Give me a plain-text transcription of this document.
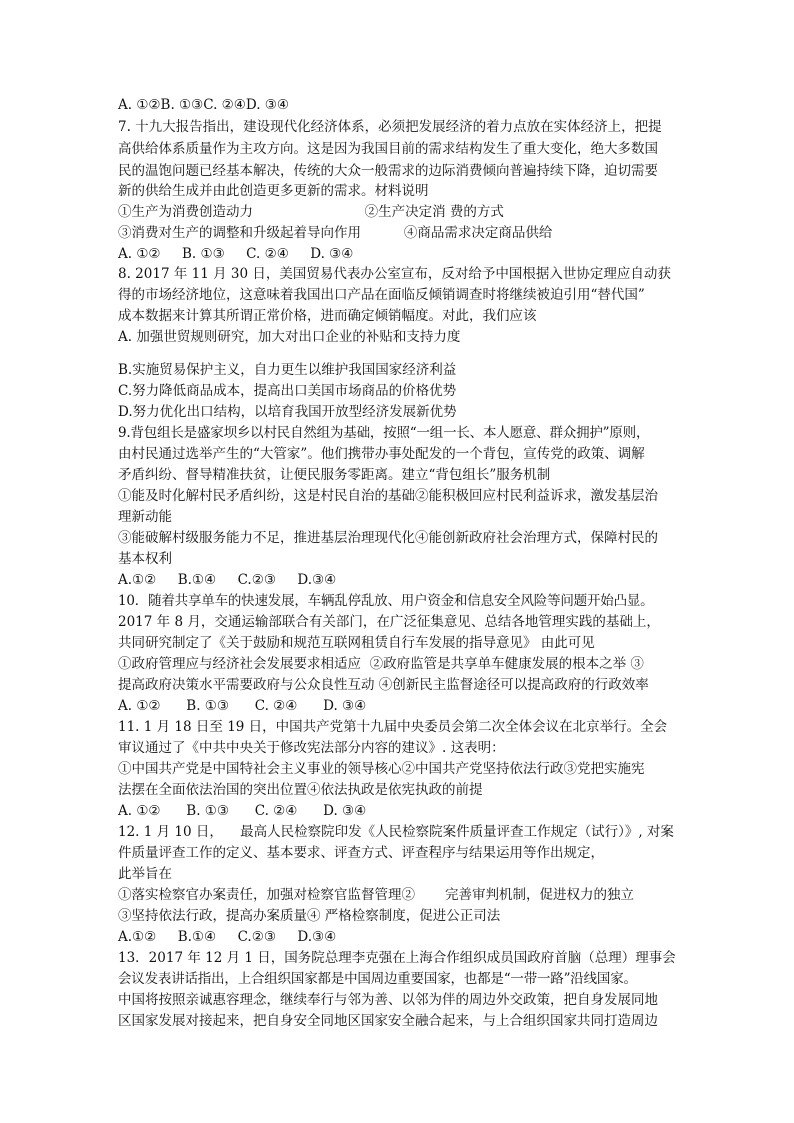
A. ①②B. ①③C. ②④D. ③④
7. 十九大报告指出，建设现代化经济体系，必须把发展经济的着力点放在实体经济上，把提
高供给体系质量作为主攻方向。这是因为我国目前的需求结构发生了重大变化，绝大多数国
民的温饱问题已经基本解决，传统的大众一般需求的边际消费倾向普遍持续下降，迫切需要
新的供给生成并由此创造更多更新的需求。材料说明
①生产为消费创造动力                          ②生产决定消 费的方式
③消费对生产的调整和升级起着导向作用          ④商品需求决定商品供给
A. ①②     B. ①③     C. ②④     D. ③④
8. 2017 年 11 月 30 日，美国贸易代表办公室宣布，反对给予中国根据入世协定理应自动获
得的市场经济地位，这意味着我国出口产品在面临反倾销调查时将继续被迫引用“替代国”
成本数据来计算其所谓正常价格，进而确定倾销幅度。对此，我们应该
A. 加强世贸规则研究，加大对出口企业的补贴和支持力度
B.实施贸易保护主义，自力更生以维护我国国家经济利益
C.努力降低商品成本，提高出口美国市场商品的价格优势
D.努力优化出口结构，以培育我国开放型经济发展新优势
9.背包组长是盛家坝乡以村民自然组为基础，按照“一组一长、本人愿意、群众拥护”原则，
由村民通过选举产生的“大管家”。他们携带办事处配发的一个背包，宣传党的政策、调解
矛盾纠纷、督导精准扶贫，让便民服务零距离。建立“背包组长”服务机制
①能及时化解村民矛盾纠纷，这是村民自治的基础②能积极回应村民利益诉求，激发基层治
理新动能
③能破解村级服务能力不足，推进基层治理现代化④能创新政府社会治理方式，保障村民的
基本权利
A.①②     B.①④     C.②③     D.③④
10．随着共享单车的快速发展，车辆乱停乱放、用户资金和信息安全风险等问题开始凸显。
2017 年 8 月，交通运输部联合有关部门，在广泛征集意见、总结各地管理实践的基础上，
共同研究制定了《关于鼓励和规范互联网租赁自行车发展的指导意见》 由此可见
①政府管理应与经济社会发展要求相适应  ②政府监管是共享单车健康发展的根本之举 ③
提高政府决策水平需要政府与公众良性互动 ④创新民主监督途径可以提高政府的行政效率
A. ①②      B. ①③      C. ②④      D. ③④
11. 1 月 18 日至 19 日，中国共产党第十九届中央委员会第二次全体会议在北京举行。全会
审议通过了《中共中央关于修改宪法部分内容的建议》. 这表明：
①中国共产党是中国特社会主义事业的领导核心②中国共产党坚持依法行政③党把实施宪
法摆在全面依法治国的突出位置④依法执政是依宪执政的前提
A. ①②      B. ①③      C. ②④      D. ③④
12. 1 月 10 日，    最高人民检察院印发《人民检察院案件质量评查工作规定（试行）》, 对案
件质量评查工作的定义、基本要求、评查方式、评查程序与结果运用等作出规定，
此举旨在
①落实检察官办案责任，加强对检察官监督管理②       完善审判机制，促进权力的独立
③坚持依法行政，提高办案质量④ 严格检察制度，促进公正司法
A.①②     B.①④     C.②③     D.③④
13．2017 年 12 月 1 日，国务院总理李克强在上海合作组织成员国政府首脑（总理）理事会
会议发表讲话指出，上合组织国家都是中国周边重要国家，也都是“一带一路”沿线国家。
中国将按照亲诚惠容理念，继续奉行与邻为善、以邻为伴的周边外交政策，把自身发展同地
区国家发展对接起来，把自身安全同地区国家安全融合起来，与上合组织国家共同打造周边
